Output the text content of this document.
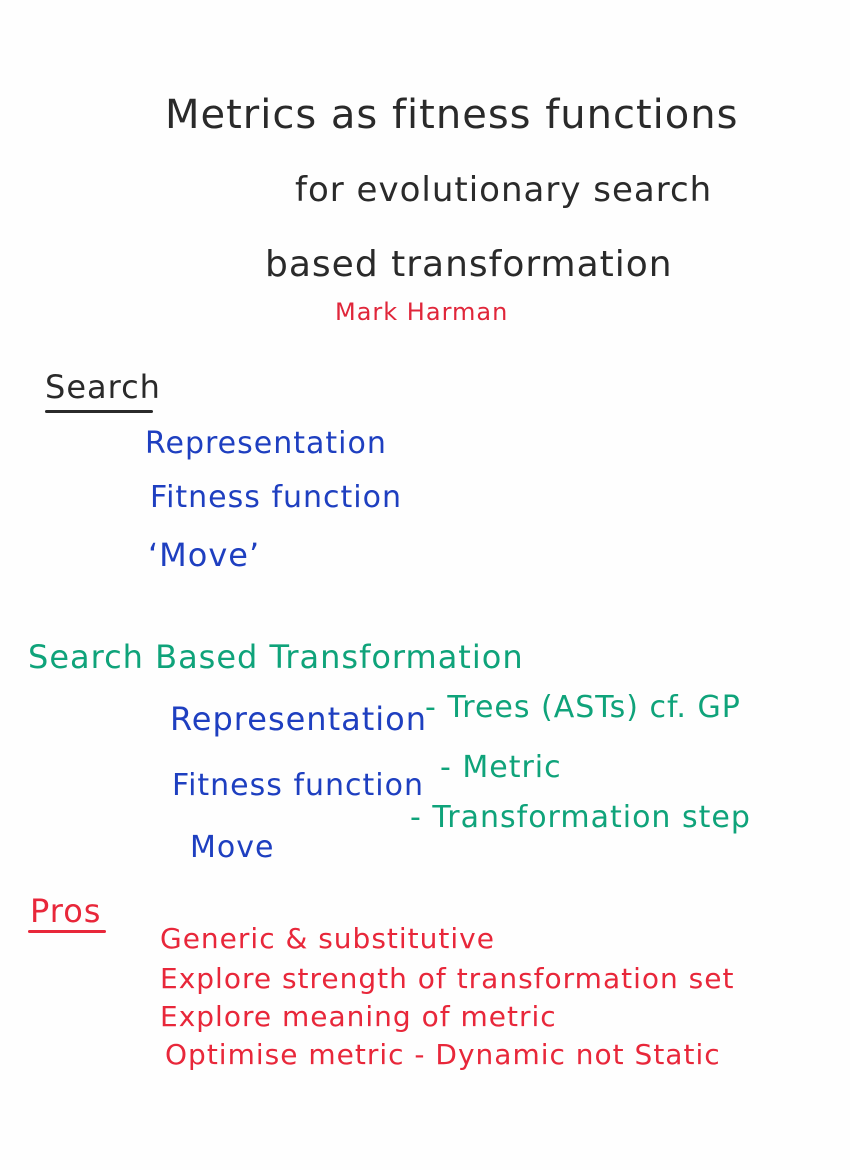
Metrics as fitness functions
for evolutionary search
based transformation
Mark Harman
Search
Representation
Fitness function
‘Move’
Search Based Transformation
Representation
- Trees (ASTs) cf. GP
Fitness function
- Metric
Move
- Transformation step
Pros
Generic & substitutive
Explore strength of transformation set
Explore meaning of metric
Optimise metric - Dynamic not Static
